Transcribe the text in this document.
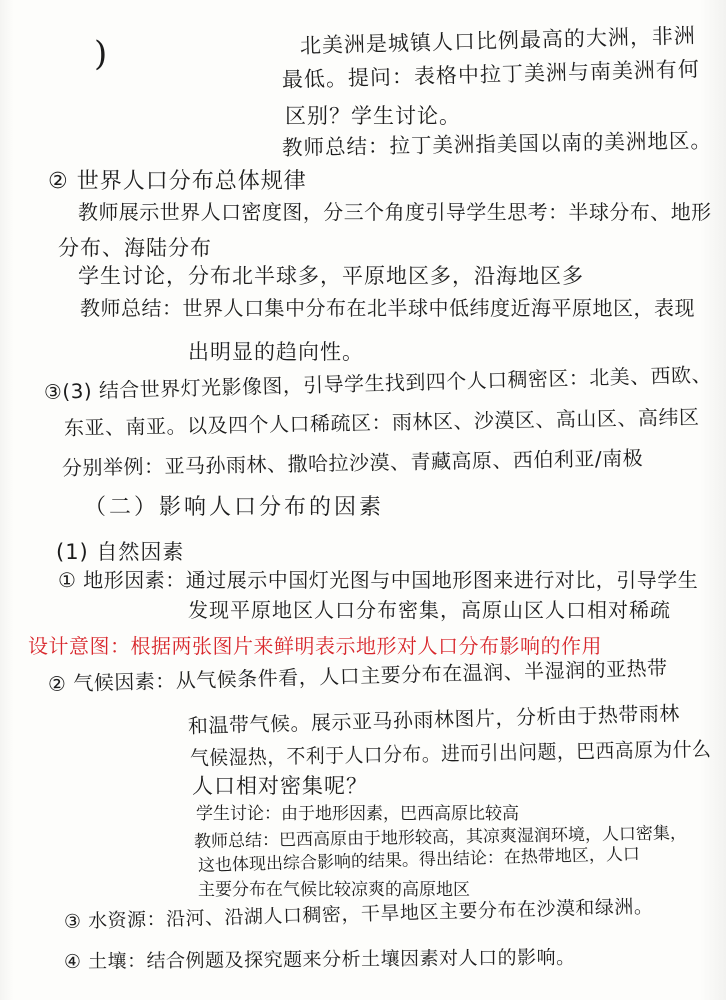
)	北美洲是城镇人口比例最高的大洲，非洲
最低。提问：表格中拉丁美洲与南美洲有何
区别？学生讨论。
教师总结：拉丁美洲指美国以南的美洲地区。
② 世界人口分布总体规律
教师展示世界人口密度图，分三个角度引导学生思考：半球分布、地形
分布、海陆分布
学生讨论，分布北半球多，平原地区多，沿海地区多
教师总结：世界人口集中分布在北半球中低纬度近海平原地区，表现
出明显的趋向性。
③(3) 结合世界灯光影像图，引导学生找到四个人口稠密区：北美、西欧、
东亚、南亚。以及四个人口稀疏区：雨林区、沙漠区、高山区、高纬区
分别举例：亚马孙雨林、撒哈拉沙漠、青藏高原、西伯利亚/南极
（二）影响人口分布的因素
(1) 自然因素
① 地形因素：通过展示中国灯光图与中国地形图来进行对比，引导学生
发现平原地区人口分布密集，高原山区人口相对稀疏
设计意图：根据两张图片来鲜明表示地形对人口分布影响的作用
② 气候因素：从气候条件看，人口主要分布在温润、半湿润的亚热带
和温带气候。展示亚马孙雨林图片，分析由于热带雨林
气候湿热，不利于人口分布。进而引出问题，巴西高原为什么
人口相对密集呢？
学生讨论：由于地形因素，巴西高原比较高
教师总结：巴西高原由于地形较高，其凉爽湿润环境，人口密集，
这也体现出综合影响的结果。得出结论：在热带地区，人口
主要分布在气候比较凉爽的高原地区
③ 水资源：沿河、沿湖人口稠密，干旱地区主要分布在沙漠和绿洲。
④ 土壤：结合例题及探究题来分析土壤因素对人口的影响。
